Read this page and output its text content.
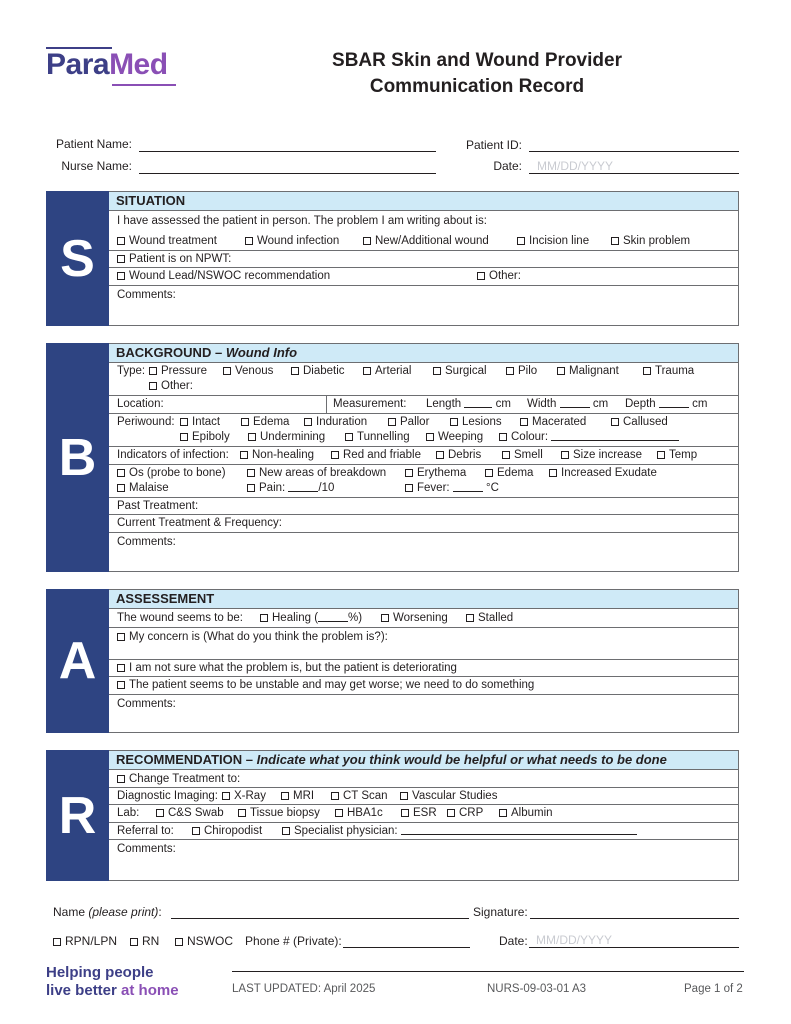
ParaMed	SBAR Skin and Wound Provider
Communication Record
Patient Name:	Patient ID:
Nurse Name:	Date: MM/DD/YYYY
S
SITUATION
I have assessed the patient in person. The problem I am writing about is:
Wound treatment	Wound infection	New/Additional wound	Incision line	Skin problem
Patient is on NPWT:
Wound Lead/NSWOC recommendation	Other:
Comments:
B
BACKGROUND – Wound Info
Type:	Pressure	Venous	Diabetic	Arterial	Surgical	Pilo	Malignant	Trauma
Other:
Location:	Measurement: Length	cm Width	cm Depth	cm
Periwound:	Intact	Edema	Induration	Pallor	Lesions	Macerated	Callused
Epiboly	Undermining	Tunnelling	Weeping	Colour:
Indicators of infection:	Non-healing	Red and friable	Debris	Smell	Size increase	Temp
Os (probe to bone)	New areas of breakdown	Erythema	Edema	Increased Exudate
Malaise	Pain:	/10	Fever:	°C
Past Treatment:
Current Treatment & Frequency:
Comments:
A
ASSESSEMENT
The wound seems to be:	Healing (	%)	Worsening	Stalled
My concern is (What do you think the problem is?):
I am not sure what the problem is, but the patient is deteriorating
The patient seems to be unstable and may get worse; we need to do something
Comments:
R
RECOMMENDATION – Indicate what you think would be helpful or what needs to be done
Change Treatment to:
Diagnostic Imaging:	X-Ray	MRI	CT Scan	Vascular Studies
Lab:	C&S Swab	Tissue biopsy	HBA1c	ESR	CRP	Albumin
Referral to:	Chiropodist	Specialist physician:
Comments:
Name (please print):	Signature:
RPN/LPN	RN	NSWOC Phone # (Private):	Date: MM/DD/YYYY
Helping people
live better at home	LAST UPDATED: April 2025	NURS-09-03-01 A3	Page 1 of 2
